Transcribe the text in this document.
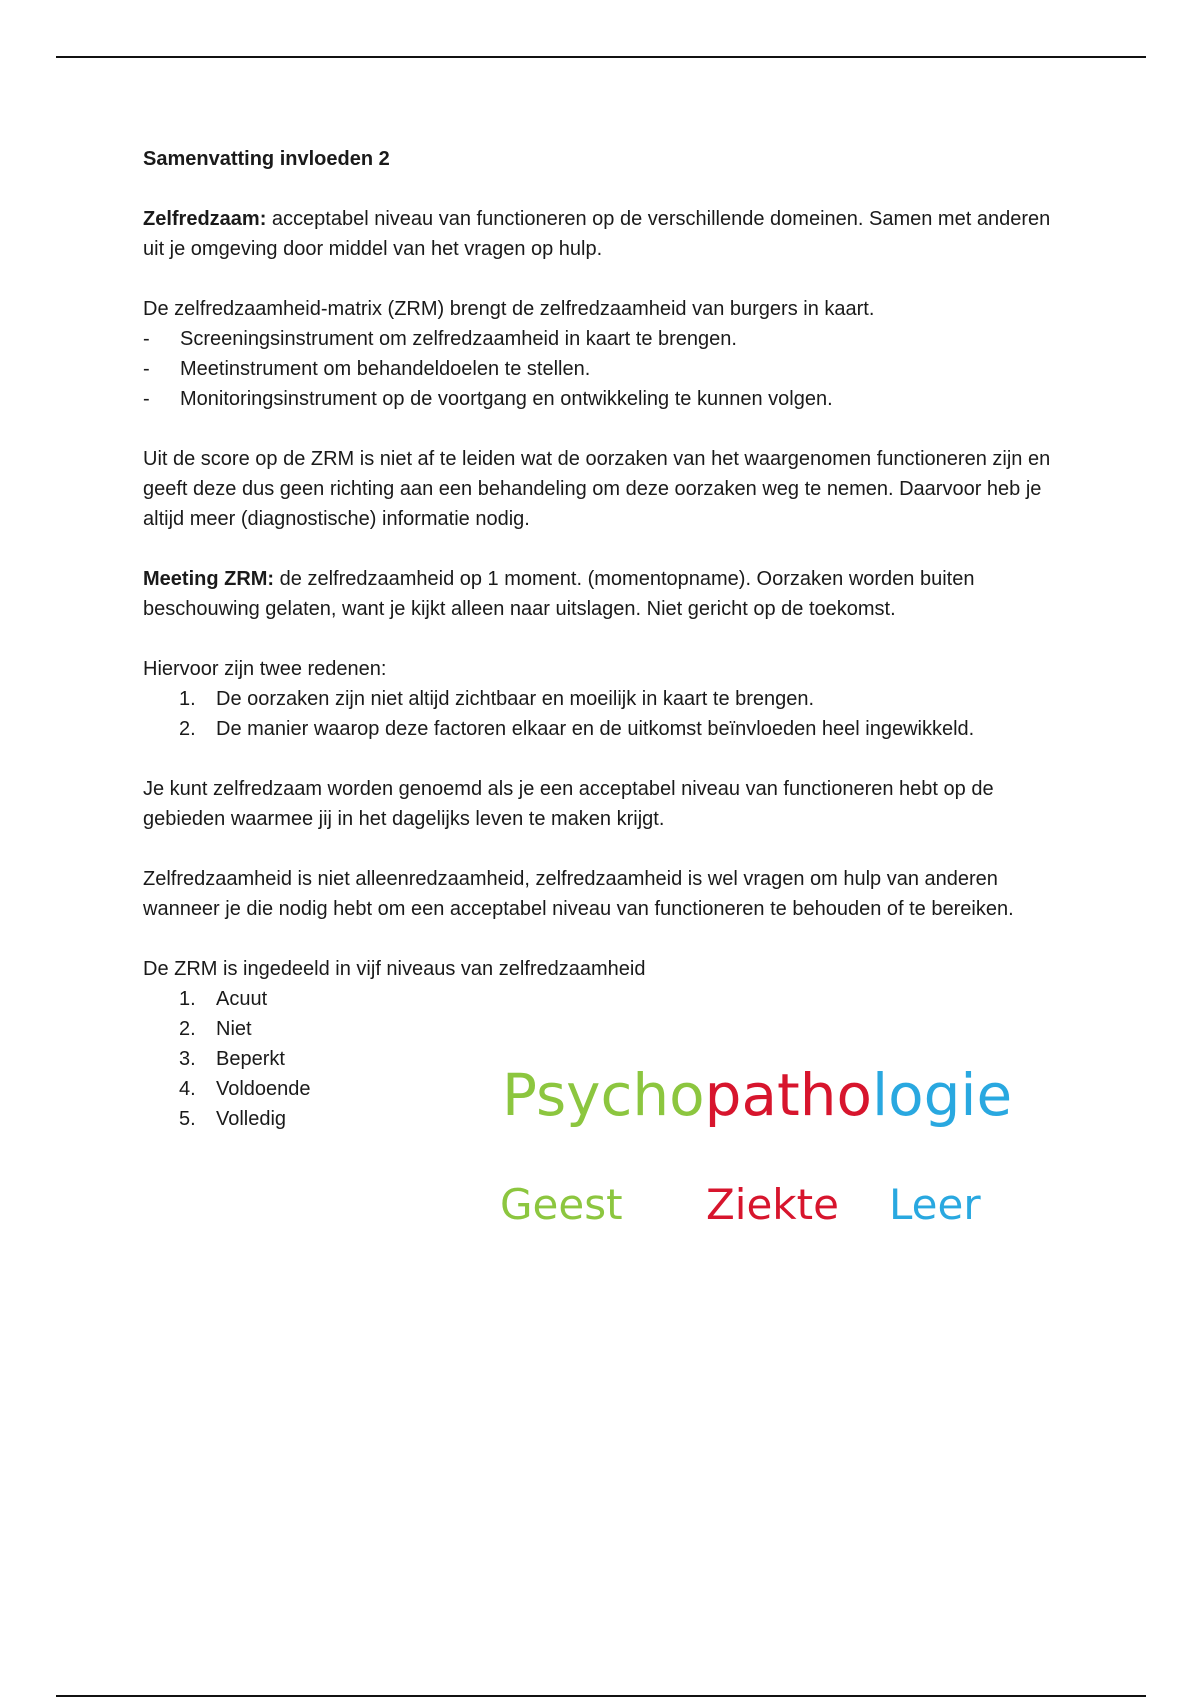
Samenvatting invloeden 2

Zelfredzaam: acceptabel niveau van functioneren op de verschillende domeinen. Samen met anderen uit je omgeving door middel van het vragen op hulp.

De zelfredzaamheid-matrix (ZRM) brengt de zelfredzaamheid van burgers in kaart.

- Screeningsinstrument om zelfredzaamheid in kaart te brengen.
- Meetinstrument om behandeldoelen te stellen.
- Monitoringsinstrument op de voortgang en ontwikkeling te kunnen volgen.

Uit de score op de ZRM is niet af te leiden wat de oorzaken van het waargenomen functioneren zijn en geeft deze dus geen richting aan een behandeling om deze oorzaken weg te nemen. Daarvoor heb je altijd meer (diagnostische) informatie nodig.

Meeting ZRM: de zelfredzaamheid op 1 moment. (momentopname). Oorzaken worden buiten beschouwing gelaten, want je kijkt alleen naar uitslagen. Niet gericht op de toekomst.

Hiervoor zijn twee redenen:

1. De oorzaken zijn niet altijd zichtbaar en moeilijk in kaart te brengen.
2. De manier waarop deze factoren elkaar en de uitkomst beïnvloeden heel ingewikkeld.

Je kunt zelfredzaam worden genoemd als je een acceptabel niveau van functioneren hebt op de gebieden waarmee jij in het dagelijks leven te maken krijgt.

Zelfredzaamheid is niet alleenredzaamheid, zelfredzaamheid is wel vragen om hulp van anderen wanneer je die nodig hebt om een acceptabel niveau van functioneren te behouden of te bereiken.

De ZRM is ingedeeld in vijf niveaus van zelfredzaamheid

1. Acuut
2. Niet
3. Beperkt
4. Voldoende
5. Volledig	Psychopathologie
Geest Ziekte Leer
